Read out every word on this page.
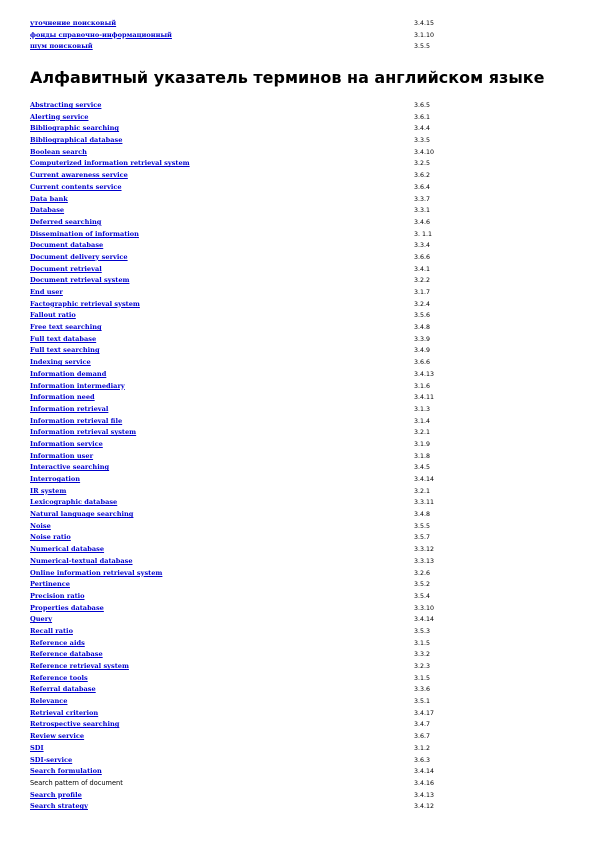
уточнение поисковый	3.4.15
фонды справочно-информационный	3.1.10
шум поисковый	3.5.5
Алфавитный указатель терминов на английском языке
Abstracting service	3.6.5
Alerting service	3.6.1
Bibliographic searching	3.4.4
Bibliographical database	3.3.5
Boolean search	3.4.10
Computerized information retrieval system	3.2.5
Current awareness service	3.6.2
Current contents service	3.6.4
Data bank	3.3.7
Database	3.3.1
Deferred searching	3.4.6
Dissemination of information	3. 1.1
Document database	3.3.4
Document delivery service	3.6.6
Document retrieval	3.4.1
Document retrieval system	3.2.2
End user	3.1.7
Factographic retrieval system	3.2.4
Fallout ratio	3.5.6
Free text searching	3.4.8
Full text database	3.3.9
Full text searching	3.4.9
Indexing service	3.6.6
Information demand	3.4.13
Information intermediary	3.1.6
Information need	3.4.11
Information retrieval	3.1.3
Information retrieval file	3.1.4
Information retrieval system	3.2.1
Information service	3.1.9
Information user	3.1.8
Interactive searching	3.4.5
Interrogation	3.4.14
IR system	3.2.1
Lexicographic database	3.3.11
Natural language searching	3.4.8
Noise	3.5.5
Noise ratio	3.5.7
Numerical database	3.3.12
Numerical-textual database	3.3.13
Online information retrieval system	3.2.6
Pertinence	3.5.2
Precision ratio	3.5.4
Properties database	3.3.10
Query	3.4.14
Recall ratio	3.5.3
Reference aids	3.1.5
Reference database	3.3.2
Reference retrieval system	3.2.3
Reference tools	3.1.5
Referral database	3.3.6
Relevance	3.5.1
Retrieval criterion	3.4.17
Retrospective searching	3.4.7
Review service	3.6.7
SDI	3.1.2
SDI-service	3.6.3
Search formulation	3.4.14
Search pattern of document	3.4.16
Search profile	3.4.13
Search strategy	3.4.12
